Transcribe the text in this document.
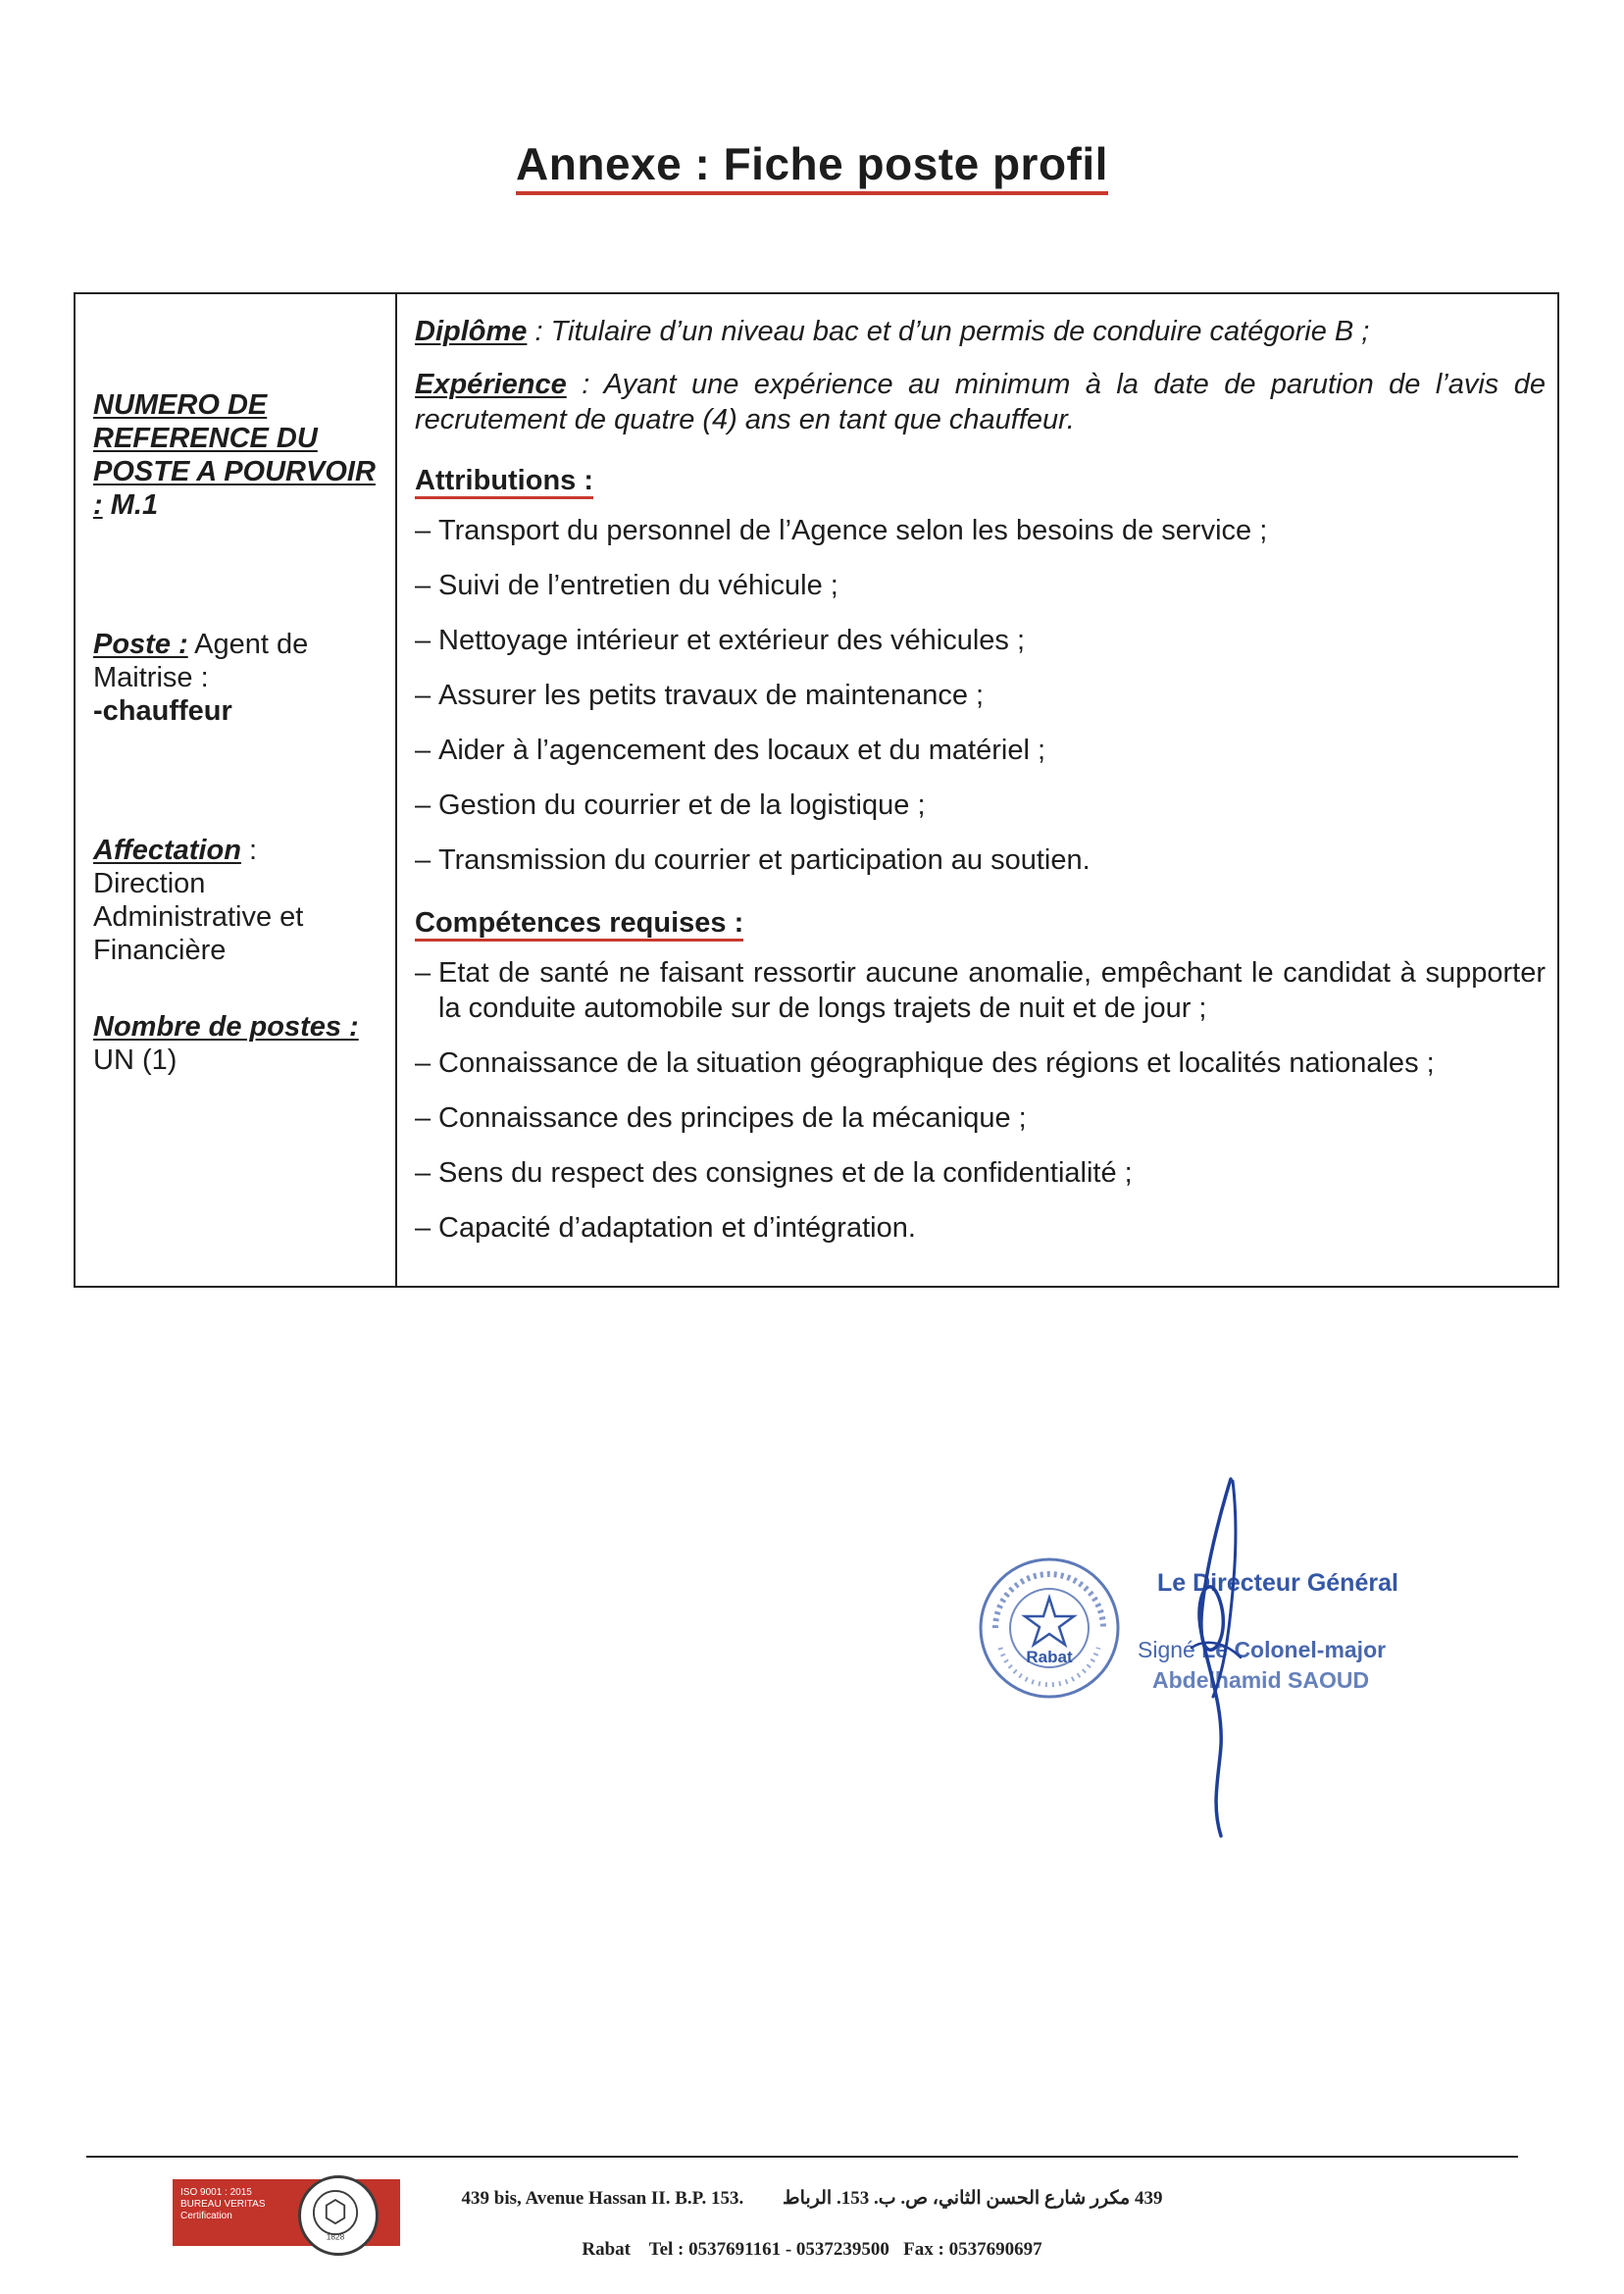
Annexe : Fiche poste profil
NUMERO DE REFERENCE DU POSTE A POURVOIR : M.1
Poste : Agent de Maitrise :
-chauffeur
Affectation :
Direction Administrative et Financière
Nombre de postes :
UN (1)
Diplôme : Titulaire d’un niveau bac et d’un permis de conduire catégorie B ;
Expérience : Ayant une expérience au minimum à la date de parution de l’avis de recrutement de quatre (4) ans en tant que chauffeur.
Attributions :
– Transport du personnel de l’Agence selon les besoins de service ;
– Suivi de l’entretien du véhicule ;
– Nettoyage intérieur et extérieur des véhicules ;
– Assurer les petits travaux de maintenance ;
– Aider à l’agencement des locaux et du matériel ;
– Gestion du courrier et de la logistique ;
– Transmission du courrier et participation au soutien.
Compétences requises :
– Etat de santé ne faisant ressortir aucune anomalie, empêchant le candidat à supporter la conduite automobile sur de longs trajets de nuit et de jour ;
– Connaissance de la situation géographique des régions et localités nationales ;
– Connaissance des principes de la mécanique ;
– Sens du respect des consignes et de la confidentialité ;
– Capacité d’adaptation et d’intégration.
Rabat
Le Directeur Général
Signé Le Colonel-major
Abdelhamid SAOUD
ISO 9001 : 2015
BUREAU VERITAS
Certification
1828
439 bis, Avenue Hassan II. B.P. 153. 439 مكرر شارع الحسن الثاني، ص. ب. 153. الرباط
Rabat    Tel : 0537691161 - 0537239500   Fax : 0537690697
